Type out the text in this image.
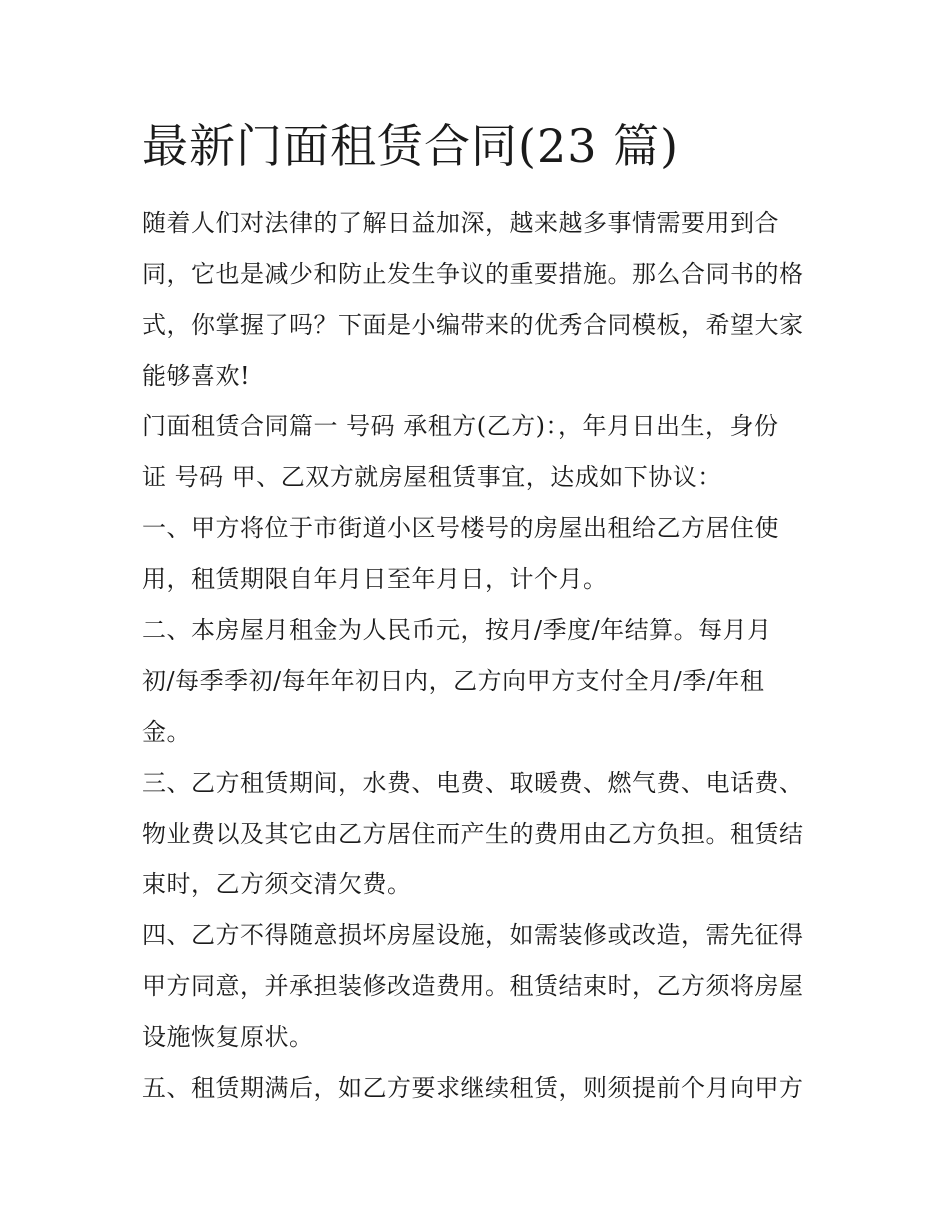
最新门面租赁合同(23 篇)

随着人们对法律的了解日益加深，越来越多事情需要用到合

同，它也是减少和防止发生争议的重要措施。那么合同书的格

式，你掌握了吗？下面是小编带来的优秀合同模板，希望大家

能够喜欢!

门面租赁合同篇一 号码 承租方(乙方)：，年月日出生，身份

证 号码 甲、乙双方就房屋租赁事宜，达成如下协议：

一、甲方将位于市街道小区号楼号的房屋出租给乙方居住使

用，租赁期限自年月日至年月日，计个月。

二、本房屋月租金为人民币元，按月/季度/年结算。每月月

初/每季季初/每年年初日内，乙方向甲方支付全月/季/年租

金。

三、乙方租赁期间，水费、电费、取暖费、燃气费、电话费、

物业费以及其它由乙方居住而产生的费用由乙方负担。租赁结

束时，乙方须交清欠费。

四、乙方不得随意损坏房屋设施，如需装修或改造，需先征得

甲方同意，并承担装修改造费用。租赁结束时，乙方须将房屋

设施恢复原状。

五、租赁期满后，如乙方要求继续租赁，则须提前个月向甲方
